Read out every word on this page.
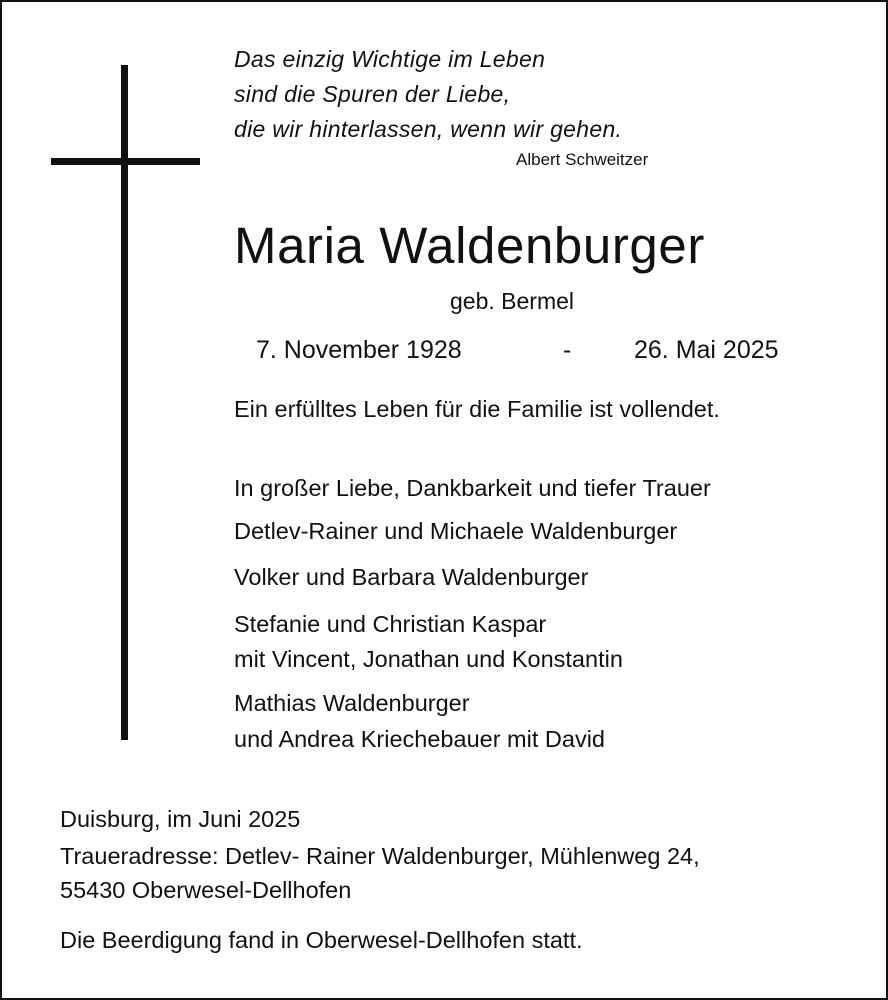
Das einzig Wichtige im Leben
sind die Spuren der Liebe,
die wir hinterlassen, wenn wir gehen.
Albert Schweitzer
Maria Waldenburger
geb. Bermel
7. November 1928	-	26. Mai 2025
Ein erfülltes Leben für die Familie ist vollendet.
In großer Liebe, Dankbarkeit und tiefer Trauer
Detlev-Rainer und Michaele Waldenburger
Volker und Barbara Waldenburger
Stefanie und Christian Kaspar
mit Vincent, Jonathan und Konstantin
Mathias Waldenburger
und Andrea Kriechebauer mit David
Duisburg, im Juni 2025
Traueradresse: Detlev- Rainer Waldenburger, Mühlenweg 24,
55430 Oberwesel-Dellhofen
Die Beerdigung fand in Oberwesel-Dellhofen statt.
